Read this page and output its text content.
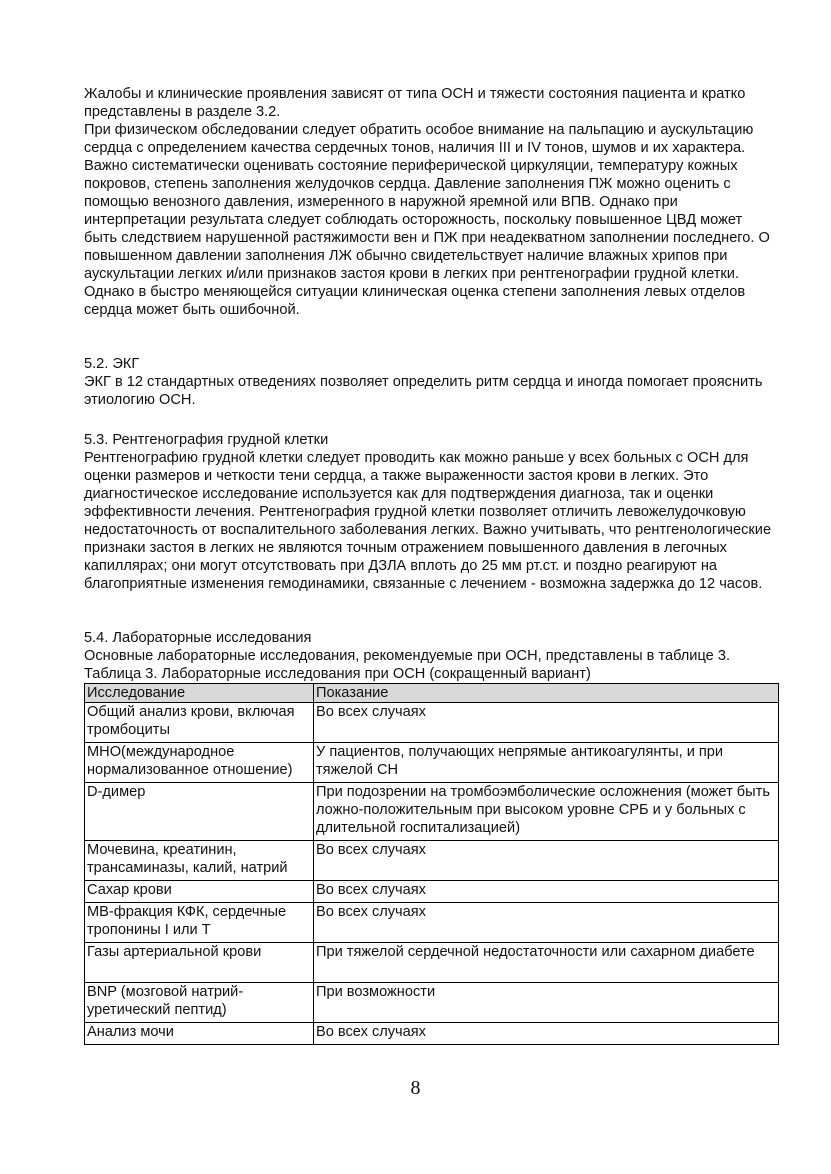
Жалобы и клинические проявления зависят от типа ОСН и тяжести состояния пациента и кратко представлены в разделе 3.2.

При физическом обследовании следует обратить особое внимание на пальпацию и аускультацию сердца с определением качества сердечных тонов, наличия III и IV тонов, шумов и их характера.

Важно систематически оценивать состояние периферической циркуляции, температуру кожных покровов, степень заполнения желудочков сердца. Давление заполнения ПЖ можно оценить с помощью венозного давления, измеренного в наружной яремной или ВПВ. Однако при интерпретации результата следует соблюдать осторожность, поскольку повышенное ЦВД может быть следствием нарушенной растяжимости вен и ПЖ при неадекватном заполнении последнего. О повышенном давлении заполнения ЛЖ обычно свидетельствует наличие влажных хрипов при аускультации легких и/или признаков застоя крови в легких при рентгенографии грудной клетки. Однако в быстро меняющейся ситуации клиническая оценка степени заполнения левых отделов сердца может быть ошибочной.

5.2. ЭКГ

ЭКГ в 12 стандартных отведениях позволяет определить ритм сердца и иногда помогает прояснить этиологию ОСН.

5.3. Рентгенография грудной клетки

Рентгенографию грудной клетки следует проводить как можно раньше у всех больных с ОСН для оценки размеров и четкости тени сердца, а также выраженности застоя крови в легких. Это диагностическое исследование используется как для подтверждения диагноза, так и оценки эффективности лечения. Рентгенография грудной клетки позволяет отличить левожелудочковую недостаточность от воспалительного заболевания легких. Важно учитывать, что рентгенологические признаки застоя в легких не являются точным отражением повышенного давления в легочных капиллярах; они могут отсутствовать при ДЗЛА вплоть до 25 мм рт.ст. и поздно реагируют на благоприятные изменения гемодинамики, связанные с лечением - возможна задержка до 12 часов.

5.4. Лабораторные исследования

Основные лабораторные исследования, рекомендуемые при ОСН, представлены в таблице 3.

Таблица 3. Лабораторные исследования при ОСН (сокращенный вариант)

Исследование	Показание
Общий анализ крови, включая тромбоциты	Во всех случаях
МНО(международное нормализованное отношение)	У пациентов, получающих непрямые антикоагулянты, и при тяжелой СН
D-димер	При подозрении на тромбоэмболические осложнения (может быть ложно-положительным при высоком уровне СРБ и у больных с длительной госпитализацией)
Мочевина, креатинин, трансаминазы, калий, натрий	Во всех случаях
Сахар крови	Во всех случаях
МВ-фракция КФК, сердечные тропонины I или T	Во всех случаях
Газы артериальной крови	При тяжелой сердечной недостаточности или сахарном диабете
BNP (мозговой натрий-уретический пептид)	При возможности
Анализ мочи	Во всех случаях
8
